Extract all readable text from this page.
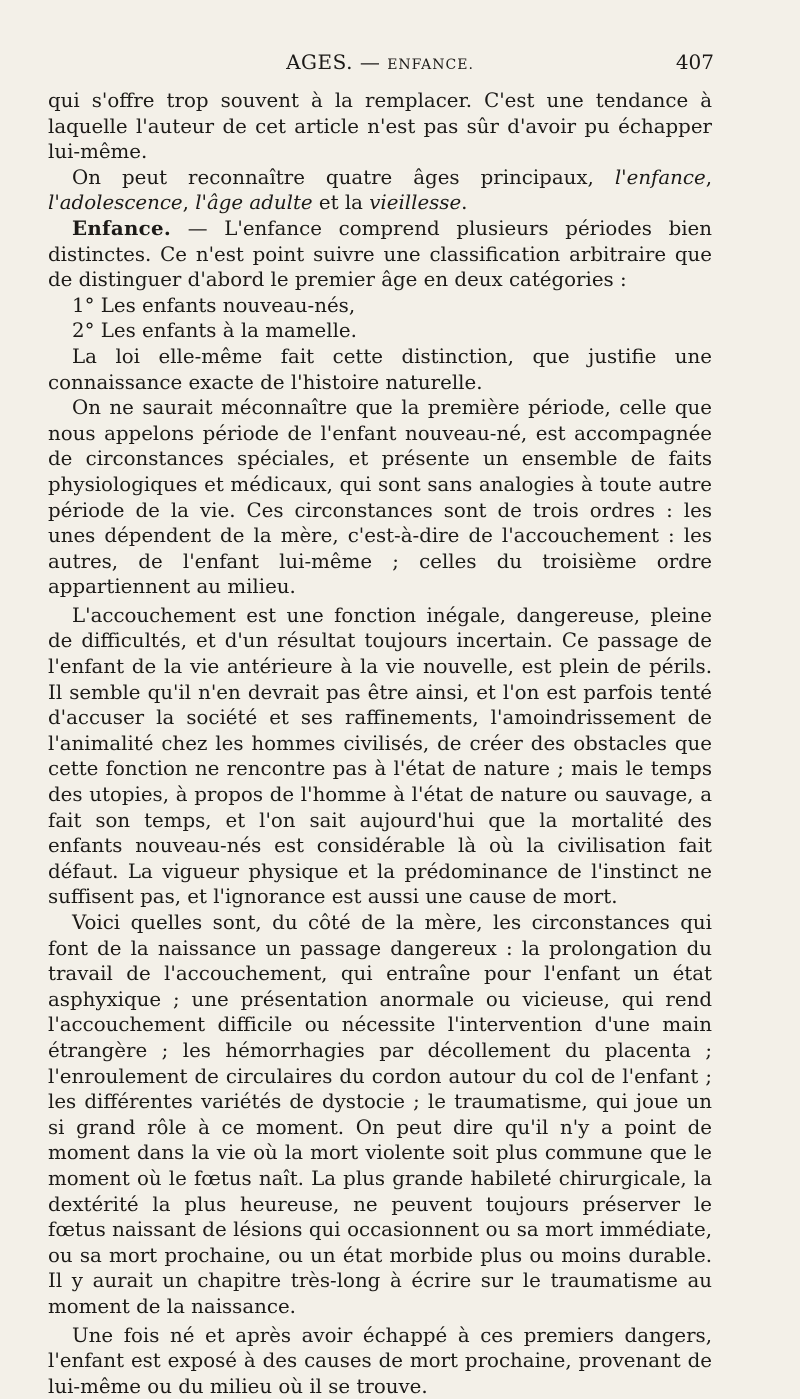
AGES. — ENFANCE.	407

qui s'offre trop souvent à la remplacer. C'est une tendance à laquelle l'auteur de cet article n'est pas sûr d'avoir pu échapper lui-même.

On peut reconnaître quatre âges principaux, l'enfance, l'adolescence, l'âge adulte et la vieillesse.

Enfance. — L'enfance comprend plusieurs périodes bien distinctes. Ce n'est point suivre une classification arbitraire que de distinguer d'abord le premier âge en deux catégories :

1° Les enfants nouveau-nés,

2° Les enfants à la mamelle.

La loi elle-même fait cette distinction, que justifie une connaissance exacte de l'histoire naturelle.

On ne saurait méconnaître que la première période, celle que nous appelons période de l'enfant nouveau-né, est accompagnée de circonstances spéciales, et présente un ensemble de faits physiologiques et médicaux, qui sont sans analogies à toute autre période de la vie. Ces circonstances sont de trois ordres : les unes dépendent de la mère, c'est-à-dire de l'accouchement : les autres, de l'enfant lui-même ; celles du troisième ordre appartiennent au milieu.

L'accouchement est une fonction inégale, dangereuse, pleine de difficultés, et d'un résultat toujours incertain. Ce passage de l'enfant de la vie antérieure à la vie nouvelle, est plein de périls. Il semble qu'il n'en devrait pas être ainsi, et l'on est parfois tenté d'accuser la société et ses raffinements, l'amoindrissement de l'animalité chez les hommes civilisés, de créer des obstacles que cette fonction ne rencontre pas à l'état de nature ; mais le temps des utopies, à propos de l'homme à l'état de nature ou sauvage, a fait son temps, et l'on sait aujourd'hui que la mortalité des enfants nouveau-nés est considérable là où la civilisation fait défaut. La vigueur physique et la prédominance de l'instinct ne suffisent pas, et l'ignorance est aussi une cause de mort.

Voici quelles sont, du côté de la mère, les circonstances qui font de la naissance un passage dangereux : la prolongation du travail de l'accouchement, qui entraîne pour l'enfant un état asphyxique ; une présentation anormale ou vicieuse, qui rend l'accouchement difficile ou nécessite l'intervention d'une main étrangère ; les hémorrhagies par décollement du placenta ; l'enroulement de circulaires du cordon autour du col de l'enfant ; les différentes variétés de dystocie ; le traumatisme, qui joue un si grand rôle à ce moment. On peut dire qu'il n'y a point de moment dans la vie où la mort violente soit plus commune que le moment où le fœtus naît. La plus grande habileté chirurgicale, la dextérité la plus heureuse, ne peuvent toujours préserver le fœtus naissant de lésions qui occasionnent ou sa mort immédiate, ou sa mort prochaine, ou un état morbide plus ou moins durable. Il y aurait un chapitre très-long à écrire sur le traumatisme au moment de la naissance.

Une fois né et après avoir échappé à ces premiers dangers, l'enfant est exposé à des causes de mort prochaine, provenant de lui-même ou du milieu où il se trouve.
